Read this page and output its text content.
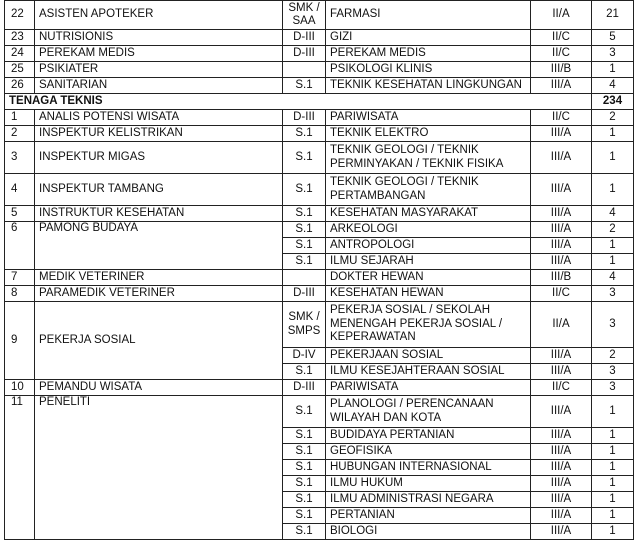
22	ASISTEN APOTEKER	SMK / SAA	FARMASI	II/A	21
23	NUTRISIONIS	D-III	GIZI	II/C	5
24	PEREKAM MEDIS	D-III	PEREKAM MEDIS	II/C	3
25	PSIKIATER		PSIKOLOGI KLINIS	III/B	1
26	SANITARIAN	S.1	TEKNIK KESEHATAN LINGKUNGAN	III/A	4
TENAGA TEKNIS					234
1	ANALIS POTENSI WISATA	D-III	PARIWISATA	II/C	2
2	INSPEKTUR KELISTRIKAN	S.1	TEKNIK ELEKTRO	III/A	1
3	INSPEKTUR MIGAS	S.1	TEKNIK GEOLOGI / TEKNIK PERMINYAKAN / TEKNIK FISIKA	III/A	1
4	INSPEKTUR TAMBANG	S.1	TEKNIK GEOLOGI / TEKNIK PERTAMBANGAN	III/A	1
5	INSTRUKTUR KESEHATAN	S.1	KESEHATAN MASYARAKAT	III/A	4
6	PAMONG BUDAYA	S.1	ARKEOLOGI	III/A	2
		S.1	ANTROPOLOGI	III/A	1
		S.1	ILMU SEJARAH	III/A	1
7	MEDIK VETERINER		DOKTER HEWAN	III/B	4
8	PARAMEDIK VETERINER	D-III	KESEHATAN HEWAN	II/C	3
9	PEKERJA SOSIAL	SMK / SMPS	PEKERJA SOSIAL / SEKOLAH MENENGAH PEKERJA SOSIAL / KEPERAWATAN	II/A	3
		D-IV	PEKERJAAN SOSIAL	III/A	2
		S.1	ILMU KESEJAHTERAAN SOSIAL	III/A	3
10	PEMANDU WISATA	D-III	PARIWISATA	II/C	3
11	PENELITI	S.1	PLANOLOGI / PERENCANAAN WILAYAH DAN KOTA	III/A	1
		S.1	BUDIDAYA PERTANIAN	III/A	1
		S.1	GEOFISIKA	III/A	1
		S.1	HUBUNGAN INTERNASIONAL	III/A	1
		S.1	ILMU HUKUM	III/A	1
		S.1	ILMU ADMINISTRASI NEGARA	III/A	1
		S.1	PERTANIAN	III/A	1
		S.1	BIOLOGI	III/A	1
